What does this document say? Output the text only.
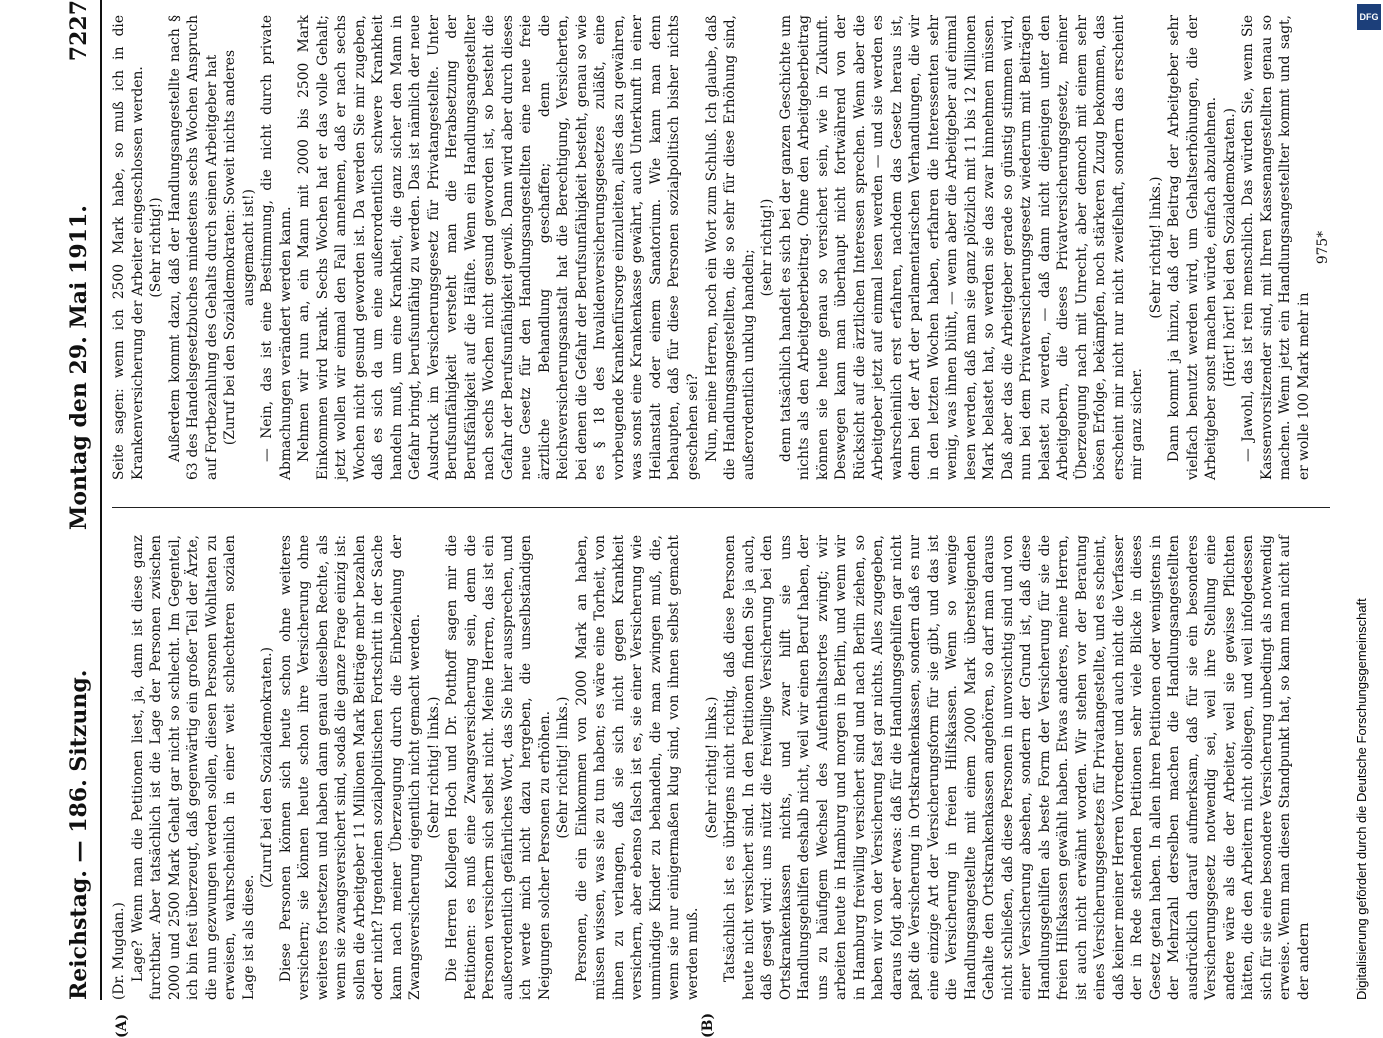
Reichstag. — 186. Sitzung.
Montag den 29. Mai 1911.
7227
(A)	(B)

(Dr. Mugdan.) Lage? Wenn man die Petitionen liest, ja, dann ist diese ganz furchtbar. Aber tatsächlich ist die Lage der Personen zwischen 2000 und 2500 Mark Gehalt gar nicht so schlecht. Im Gegenteil, ich bin fest überzeugt, daß gegenwärtig ein großer Teil der Ärzte, die nun gezwungen werden sollen, diesen Personen Wohltaten zu erweisen, wahrscheinlich in einer weit schlechteren sozialen Lage ist als diese.

(Zuruf bei den Sozialdemokraten.) Diese Personen können sich heute schon ohne weiteres versichern; sie können heute schon ihre Versicherung ohne weiteres fortsetzen und haben dann genau dieselben Rechte, als wenn sie zwangsversichert sind, sodaß die ganze Frage einzig ist: sollen die Arbeitgeber 11 Millionen Mark Beiträge mehr bezahlen oder nicht? Irgendeinen sozialpolitischen Fortschritt in der Sache kann nach meiner Überzeugung durch die Einbeziehung der Zwangsversicherung eigentlich nicht gemacht werden. (Sehr richtig! links.) Die Herren Kollegen Hoch und Dr. Potthoff sagen mir die Petitionen: es muß eine Zwangsversicherung sein, denn die Personen versichern sich selbst nicht. Meine Herren, das ist ein außerordentlich gefährliches Wort, das Sie hier aussprechen, und ich werde mich nicht dazu hergeben, die unselbständigen Neigungen solcher Personen zu erhöhen. (Sehr richtig! links.) Personen, die ein Einkommen von 2000 Mark an haben, müssen wissen, was sie zu tun haben; es wäre eine Torheit, von ihnen zu verlangen, daß sie sich nicht gegen Krankheit versichern, aber ebenso falsch ist es, sie einer Versicherung wie unmündige Kinder zu behandeln, die man zwingen muß, die, wenn sie nur einigermaßen klug sind, von ihnen selbst gemacht werden muß.

(Sehr richtig! links.) Tatsächlich ist es übrigens nicht richtig, daß diese Personen heute nicht versichert sind. In den Petitionen finden Sie ja auch, daß gesagt wird: uns nützt die freiwillige Versicherung bei den Ortskrankenkassen nichts, und zwar hilft sie uns Handlungsgehilfen deshalb nicht, weil wir einen Beruf haben, der uns zu häufigem Wechsel des Aufenthaltsortes zwingt; wir arbeiten heute in Hamburg und morgen in Berlin, und wenn wir in Hamburg freiwillig versichert sind und nach Berlin ziehen, so haben wir von der Versicherung fast gar nichts. Alles zugegeben, daraus folgt aber etwas: daß für die Handlungsgehilfen gar nicht paßt die Versicherung in Ortskrankenkassen, sondern daß es nur eine einzige Art der Versicherungsform für sie gibt, und das ist die Versicherung in freien Hilfskassen. Wenn so wenige Handlungsangestellte mit einem 2000 Mark übersteigenden Gehalte den Ortskrankenkassen angehören, so darf man daraus nicht schließen, daß diese Personen in unvorsichtig sind und von einer Versicherung absehen, sondern der Grund ist, daß diese Handlungsgehilfen als beste Form der Versicherung für sie die freien Hilfskassen gewählt haben. Etwas anderes, meine Herren, ist auch nicht erwähnt worden. Wir stehen vor der Beratung eines Versicherungsgesetzes für Privatangestellte, und es scheint, daß keiner meiner Herren Vorredner und auch nicht die Verfasser der in Rede stehenden Petitionen sehr viele Blicke in dieses Gesetz getan haben. In allen ihren Petitionen oder wenigstens in der Mehrzahl derselben machen die Handlungsangestellten ausdrücklich darauf aufmerksam, daß für sie ein besonderes Versicherungsgesetz notwendig sei, weil ihre Stellung eine andere wäre als die der Arbeiter, weil sie gewisse Pflichten hätten, die den Arbeitern nicht obliegen, und weil infolgedessen sich für sie eine besondere Versicherung unbedingt als notwendig erweise. Wenn man diesen Standpunkt hat, so kann man nicht auf der andern

Seite sagen: wenn ich 2500 Mark habe, so muß ich in die Krankenversicherung der Arbeiter eingeschlossen werden. (Sehr richtig!) Außerdem kommt dazu, daß der Handlungsangestellte nach § 63 des Handelsgesetzbuches mindestens sechs Wochen Anspruch auf Fortbezahlung des Gehalts durch seinen Arbeitgeber hat (Zuruf bei den Sozialdemokraten: Soweit nichts anderes ausgemacht ist!) — Nein, das ist eine Bestimmung, die nicht durch private Abmachungen verändert werden kann. Nehmen wir nun an, ein Mann mit 2000 bis 2500 Mark Einkommen wird krank. Sechs Wochen hat er das volle Gehalt; jetzt wollen wir einmal den Fall annehmen, daß er nach sechs Wochen nicht gesund geworden ist. Da werden Sie mir zugeben, daß es sich da um eine außerordentlich schwere Krankheit handeln muß, um eine Krankheit, die ganz sicher den Mann in Gefahr bringt, berufsunfähig zu werden. Das ist nämlich der neue Ausdruck im Versicherungsgesetz für Privatangestellte. Unter Berufsunfähigkeit versteht man die Herabsetzung der Berufsfähigkeit auf die Hälfte. Wenn ein Handlungsangestellter nach sechs Wochen nicht gesund geworden ist, so besteht die Gefahr der Berufsunfähigkeit gewiß. Dann wird aber durch dieses neue Gesetz für den Handlungsangestellten eine neue freie ärztliche Behandlung geschaffen; denn die Reichsversicherungsanstalt hat die Berechtigung, Versicherten, bei denen die Gefahr der Berufsunfähigkeit besteht, genau so wie es § 18 des Invalidenversicherungsgesetzes zuläßt, eine vorbeugende Krankenfürsorge einzuleiten, alles das zu gewähren, was sonst eine Krankenkasse gewährt, auch Unterkunft in einer Heilanstalt oder einem Sanatorium. Wie kann man denn behaupten, daß für diese Personen sozialpolitisch bisher nichts geschehen sei? Nun, meine Herren, noch ein Wort zum Schluß. Ich glaube, daß die Handlungsangestellten, die so sehr für diese Erhöhung sind, außerordentlich unklug handeln;

(sehr richtig!) denn tatsächlich handelt es sich bei der ganzen Geschichte um nichts als den Arbeitgeberbeitrag. Ohne den Arbeitgeberbeitrag können sie heute genau so versichert sein, wie in Zukunft. Deswegen kann man überhaupt nicht fortwährend von der Rücksicht auf die ärztlichen Interessen sprechen. Wenn aber die Arbeitgeber jetzt auf einmal lesen werden — und sie werden es wahrscheinlich erst erfahren, nachdem das Gesetz heraus ist, denn bei der Art der parlamentarischen Verhandlungen, die wir in den letzten Wochen haben, erfahren die Interessenten sehr wenig, was ihnen blüht, — wenn aber die Arbeitgeber auf einmal lesen werden, daß man sie ganz plötzlich mit 11 bis 12 Millionen Mark belastet hat, so werden sie das zwar hinnehmen müssen. Daß aber das die Arbeitgeber gerade so günstig stimmen wird, nun bei dem Privatversicherungsgesetz wiederum mit Beiträgen belastet zu werden, — daß dann nicht diejenigen unter den Arbeitgebern, die dieses Privatversicherungsgesetz, meiner Überzeugung nach mit Unrecht, aber dennoch mit einem sehr bösen Erfolge, bekämpfen, noch stärkeren Zuzug bekommen, das erscheint mir nicht nur nicht zweifelhaft, sondern das erscheint mir ganz sicher.

(Sehr richtig! links.) Dann kommt ja hinzu, daß der Beitrag der Arbeitgeber sehr vielfach benutzt werden wird, um Gehaltserhöhungen, die der Arbeitgeber sonst machen würde, einfach abzulehnen. (Hört! hört! bei den Sozialdemokraten.) — Jawohl, das ist rein menschlich. Das würden Sie, wenn Sie Kassenvorsitzender sind, mit Ihren Kassenangestellten genau so machen. Wenn jetzt ein Handlungsangestellter kommt und sagt, er wolle 100 Mark mehr in

975*

Digitalisierung gefördert durch die Deutsche Forschungsgemeinschaft
DFG
